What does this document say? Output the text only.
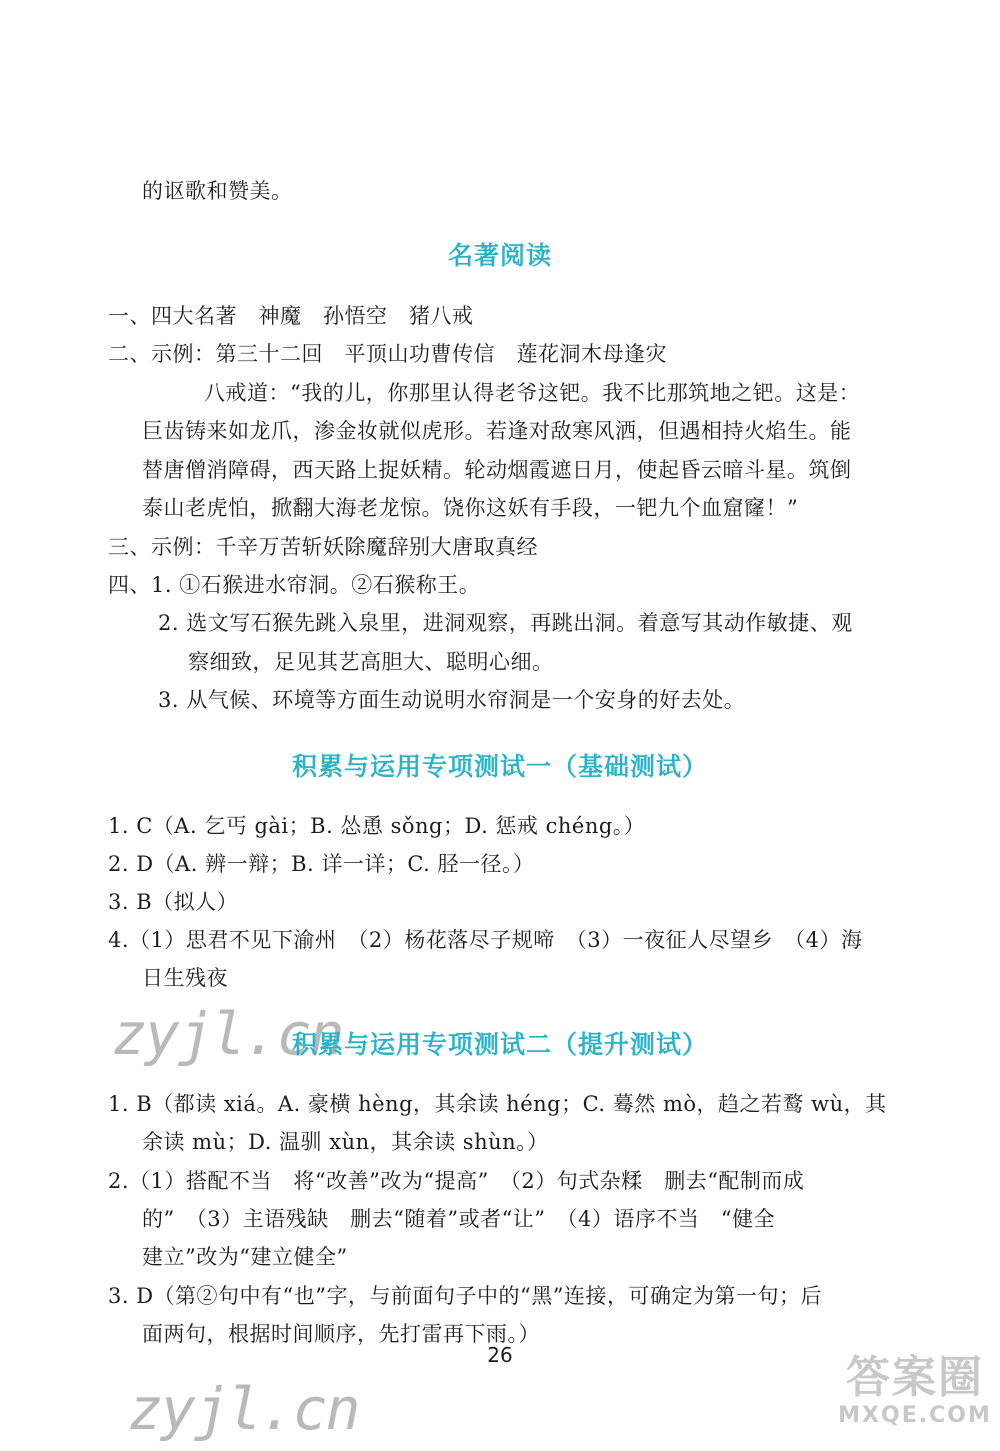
的讴歌和赞美。
名著阅读
一、四大名著　神魔　孙悟空　猪八戒
二、示例：第三十二回　平顶山功曹传信　莲花洞木母逢灾
八戒道：“我的儿，你那里认得老爷这钯。我不比那筑地之钯。这是：
巨齿铸来如龙爪，渗金妆就似虎形。若逢对敌寒风洒，但遇相持火焰生。能
替唐僧消障碍，西天路上捉妖精。轮动烟霞遮日月，使起昏云暗斗星。筑倒
泰山老虎怕，掀翻大海老龙惊。饶你这妖有手段，一钯九个血窟窿！”
三、示例：千辛万苦斩妖除魔辞别大唐取真经
四、1. ①石猴进水帘洞。②石猴称王。
2. 选文写石猴先跳入泉里，进洞观察，再跳出洞。着意写其动作敏捷、观
察细致，足见其艺高胆大、聪明心细。
3. 从气候、环境等方面生动说明水帘洞是一个安身的好去处。
积累与运用专项测试一（基础测试）
1. C（A. 乞丐 gài；B. 怂恿 sǒng；D. 惩戒 chéng。）
2. D（A. 辨一辩；B. 详一详；C. 胫一径。）
3. B（拟人）
4.（1）思君不见下渝州　（2）杨花落尽子规啼　（3）一夜征人尽望乡　（4）海
日生残夜
zyjl.cn
积累与运用专项测试二（提升测试）
1. B（都读 xiá。A. 豪横 hèng，其余读 héng；C. 蓦然 mò，趋之若鹜 wù，其
余读 mù；D. 温驯 xùn，其余读 shùn。）
2.（1）搭配不当　将“改善”改为“提高”　（2）句式杂糅　删去“配制而成
的”　（3）主语残缺　删去“随着”或者“让”　（4）语序不当　“健全
建立”改为“建立健全”
3. D（第②句中有“也”字，与前面句子中的“黑”连接，可确定为第一句；后
面两句，根据时间顺序，先打雷再下雨。）
26
zyjl.cn	答案圈
MXQE.COM
